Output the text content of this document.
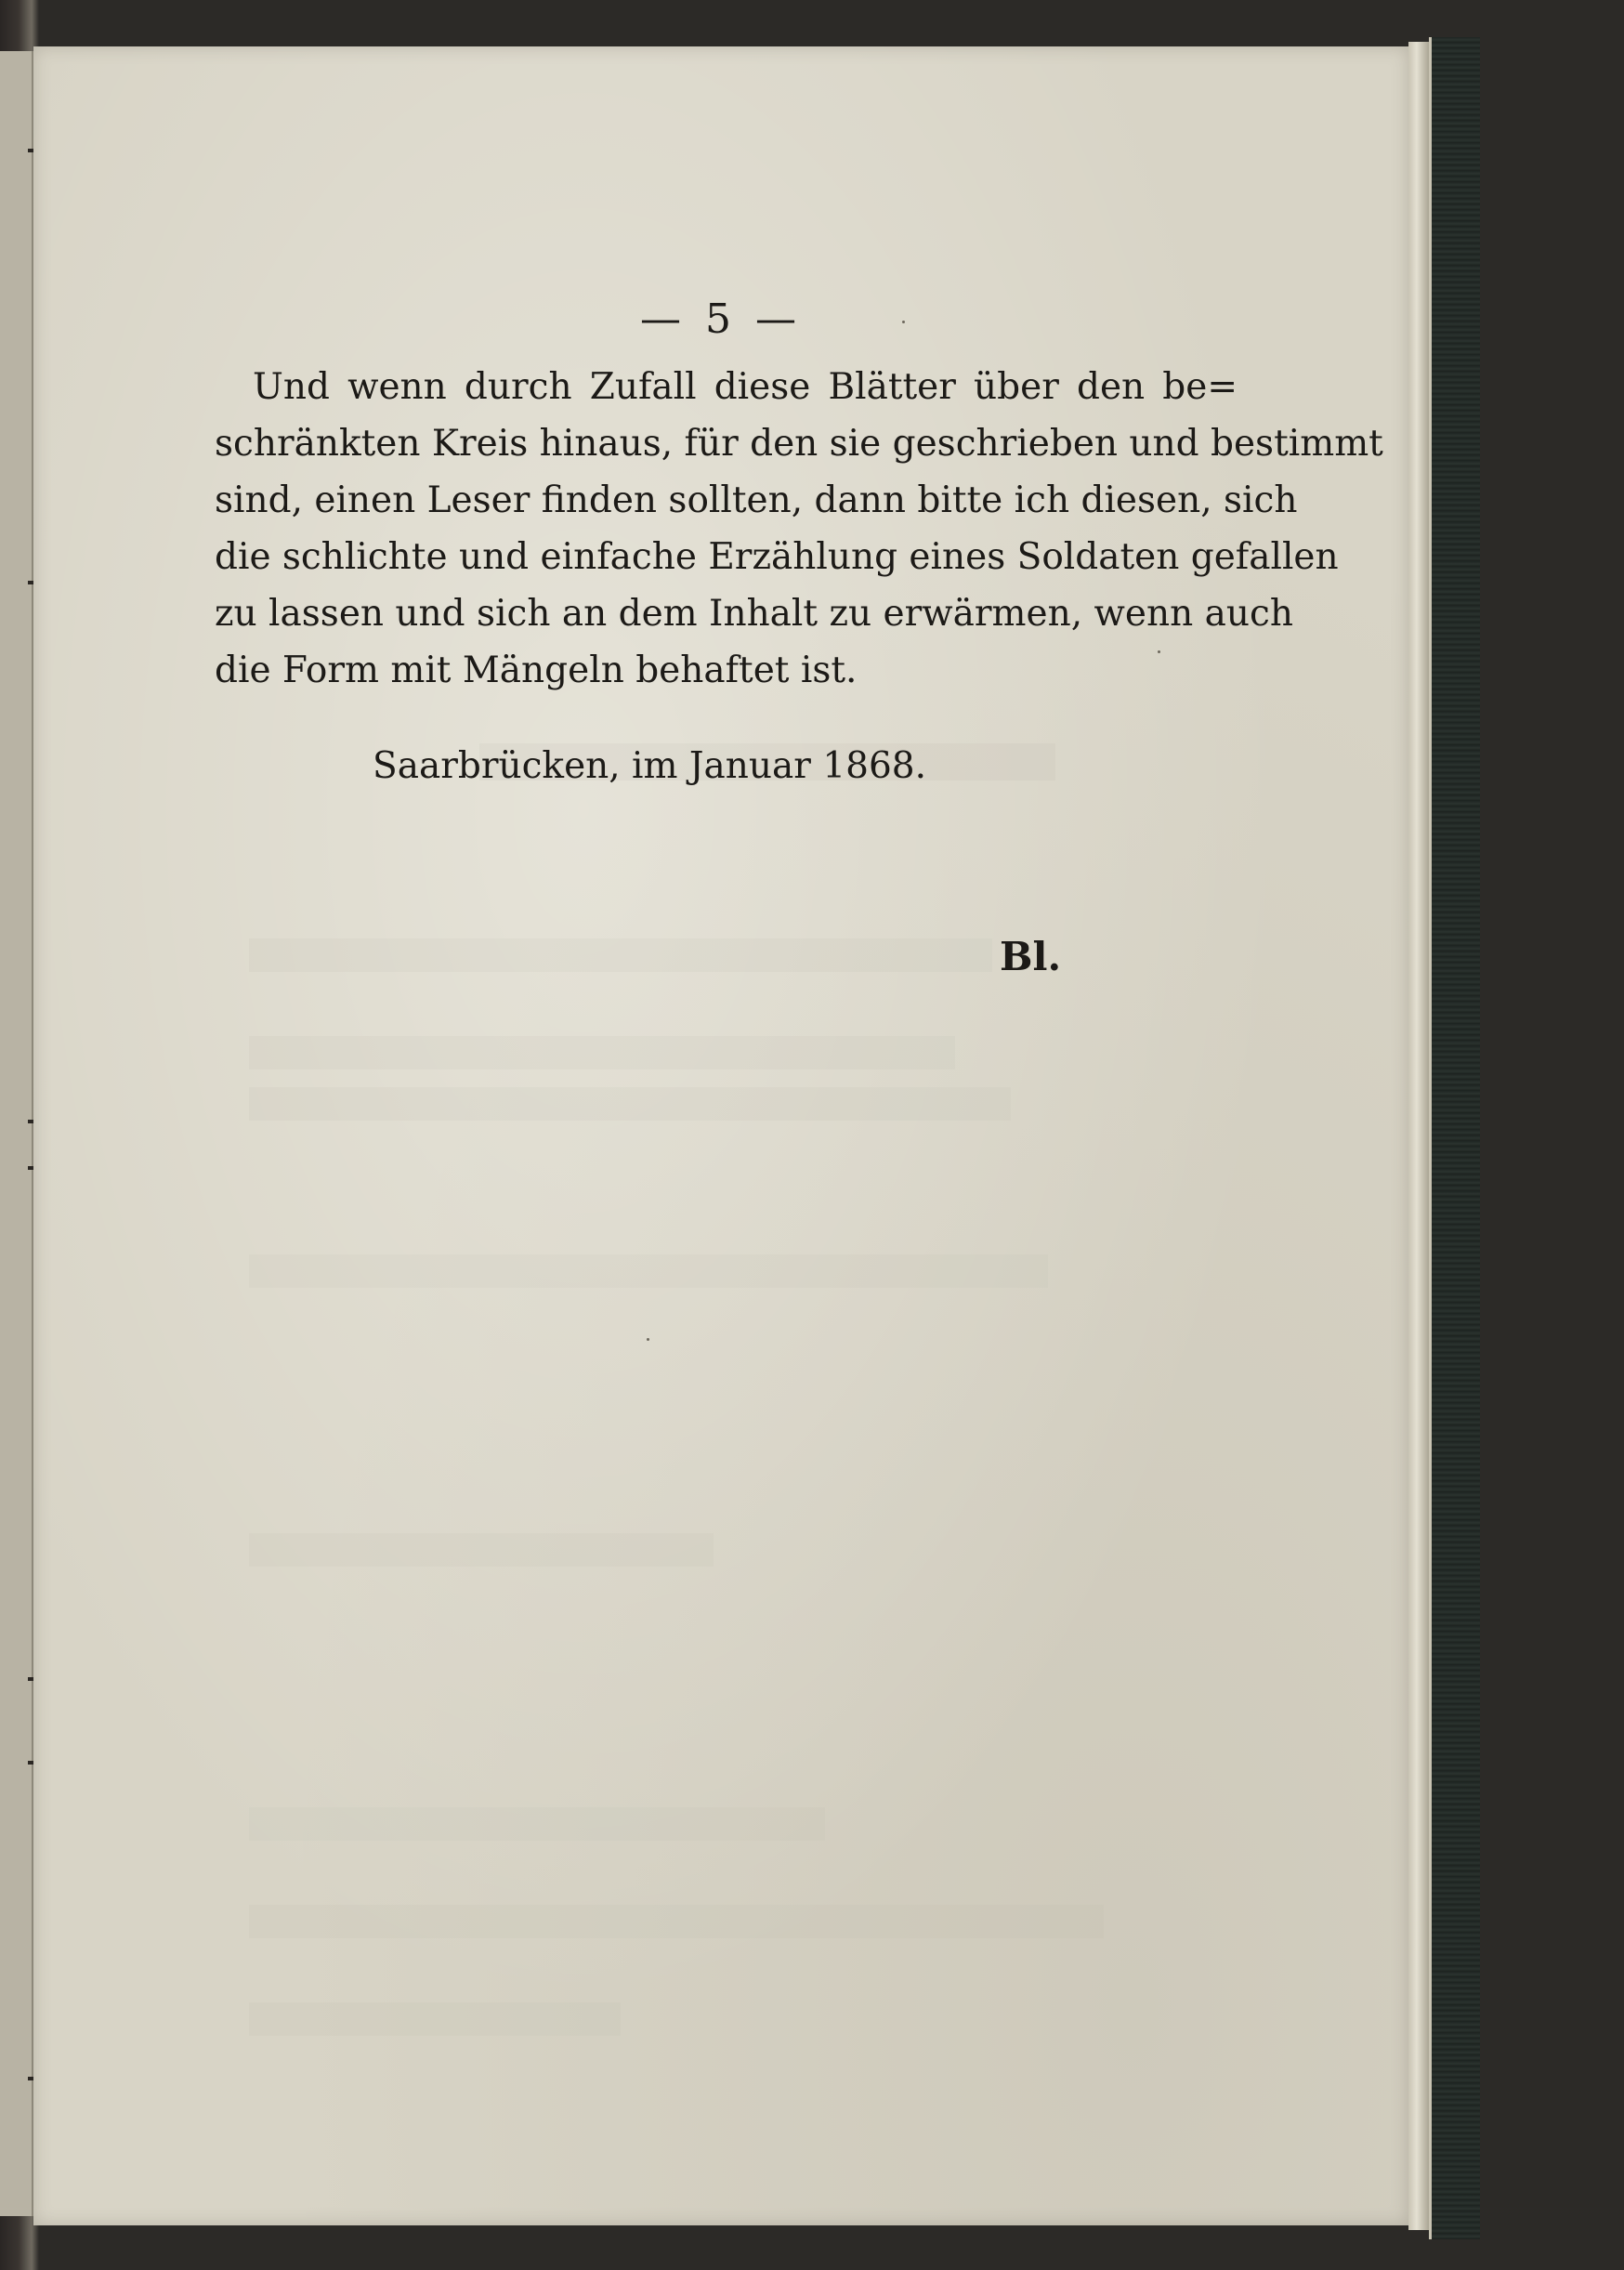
— 5 —
Und wenn durch Zufall diese Blätter über den be=
schränkten Kreis hinaus, für den sie geschrieben und bestimmt
sind, einen Leser finden sollten, dann bitte ich diesen, sich
die schlichte und einfache Erzählung eines Soldaten gefallen
zu lassen und sich an dem Inhalt zu erwärmen, wenn auch
die Form mit Mängeln behaftet ist.
Saarbrücken, im Januar 1868.
Bl.
